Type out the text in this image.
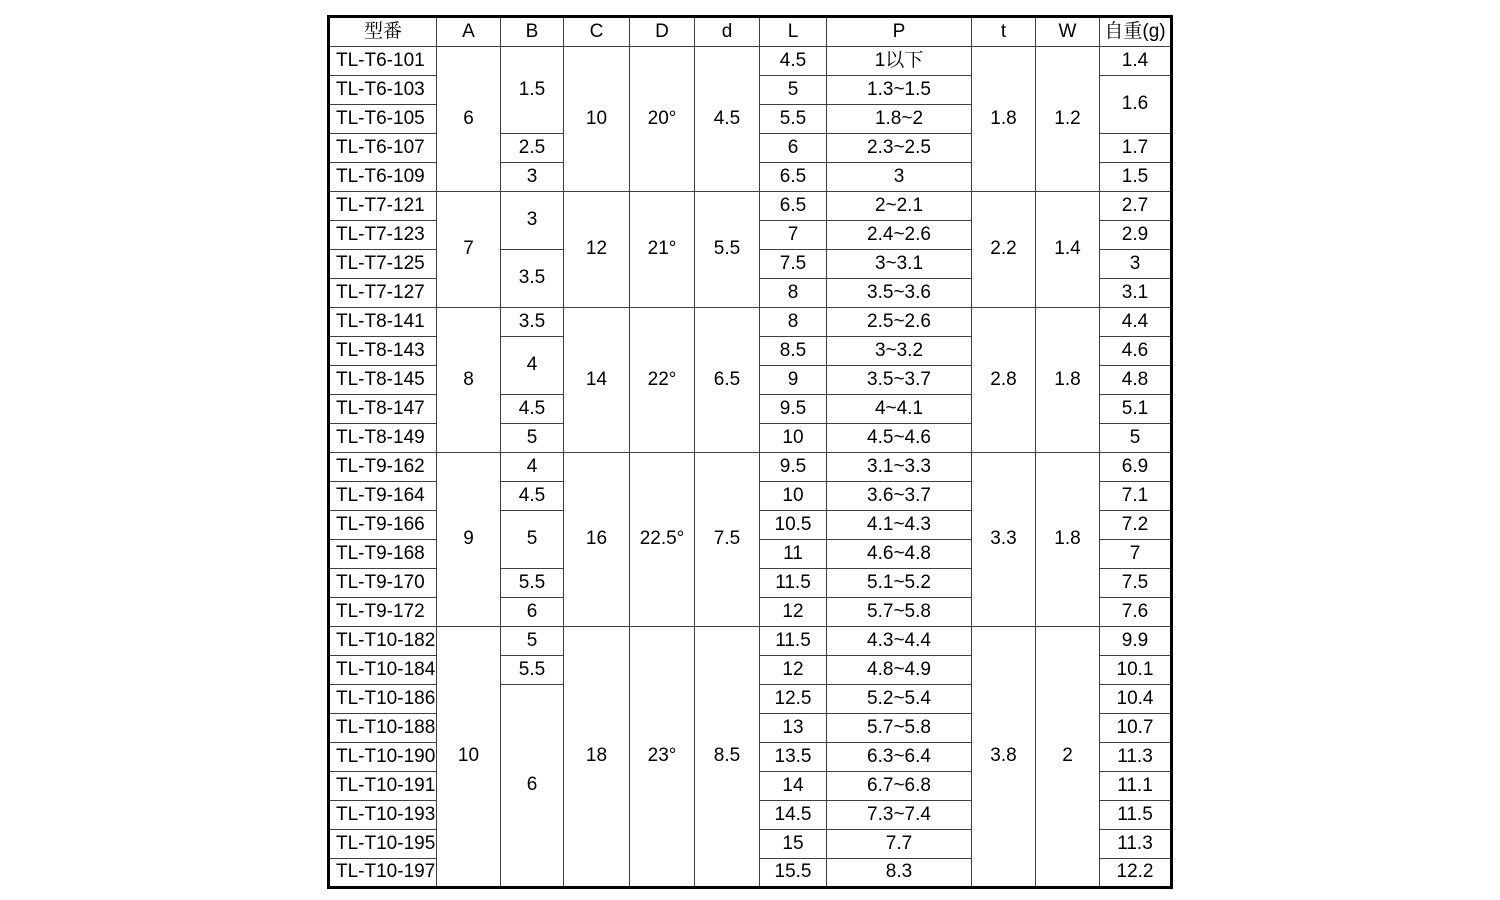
型番	A	B	C	D	d	L	P	t	W	自重(g)
TL-T6-101	6	1.5	10	20°	4.5	4.5	1以下	1.8	1.2	1.4
TL-T6-103						5	1.3~1.5			1.6
TL-T6-105						5.5	1.8~2			
TL-T6-107		2.5				6	2.3~2.5			1.7
TL-T6-109		3				6.5	3			1.5
TL-T7-121	7	3	12	21°	5.5	6.5	2~2.1	2.2	1.4	2.7
TL-T7-123						7	2.4~2.6			2.9
TL-T7-125		3.5				7.5	3~3.1			3
TL-T7-127						8	3.5~3.6			3.1
TL-T8-141	8	3.5	14	22°	6.5	8	2.5~2.6	2.8	1.8	4.4
TL-T8-143		4				8.5	3~3.2			4.6
TL-T8-145						9	3.5~3.7			4.8
TL-T8-147		4.5				9.5	4~4.1			5.1
TL-T8-149		5				10	4.5~4.6			5
TL-T9-162	9	4	16	22.5°	7.5	9.5	3.1~3.3	3.3	1.8	6.9
TL-T9-164		4.5				10	3.6~3.7			7.1
TL-T9-166		5				10.5	4.1~4.3			7.2
TL-T9-168						11	4.6~4.8			7
TL-T9-170		5.5				11.5	5.1~5.2			7.5
TL-T9-172		6				12	5.7~5.8			7.6
TL-T10-182	10	5	18	23°	8.5	11.5	4.3~4.4	3.8	2	9.9
TL-T10-184		5.5				12	4.8~4.9			10.1
TL-T10-186		6				12.5	5.2~5.4			10.4
TL-T10-188						13	5.7~5.8			10.7
TL-T10-190						13.5	6.3~6.4			11.3
TL-T10-191						14	6.7~6.8			11.1
TL-T10-193						14.5	7.3~7.4			11.5
TL-T10-195						15	7.7			11.3
TL-T10-197						15.5	8.3			12.2
